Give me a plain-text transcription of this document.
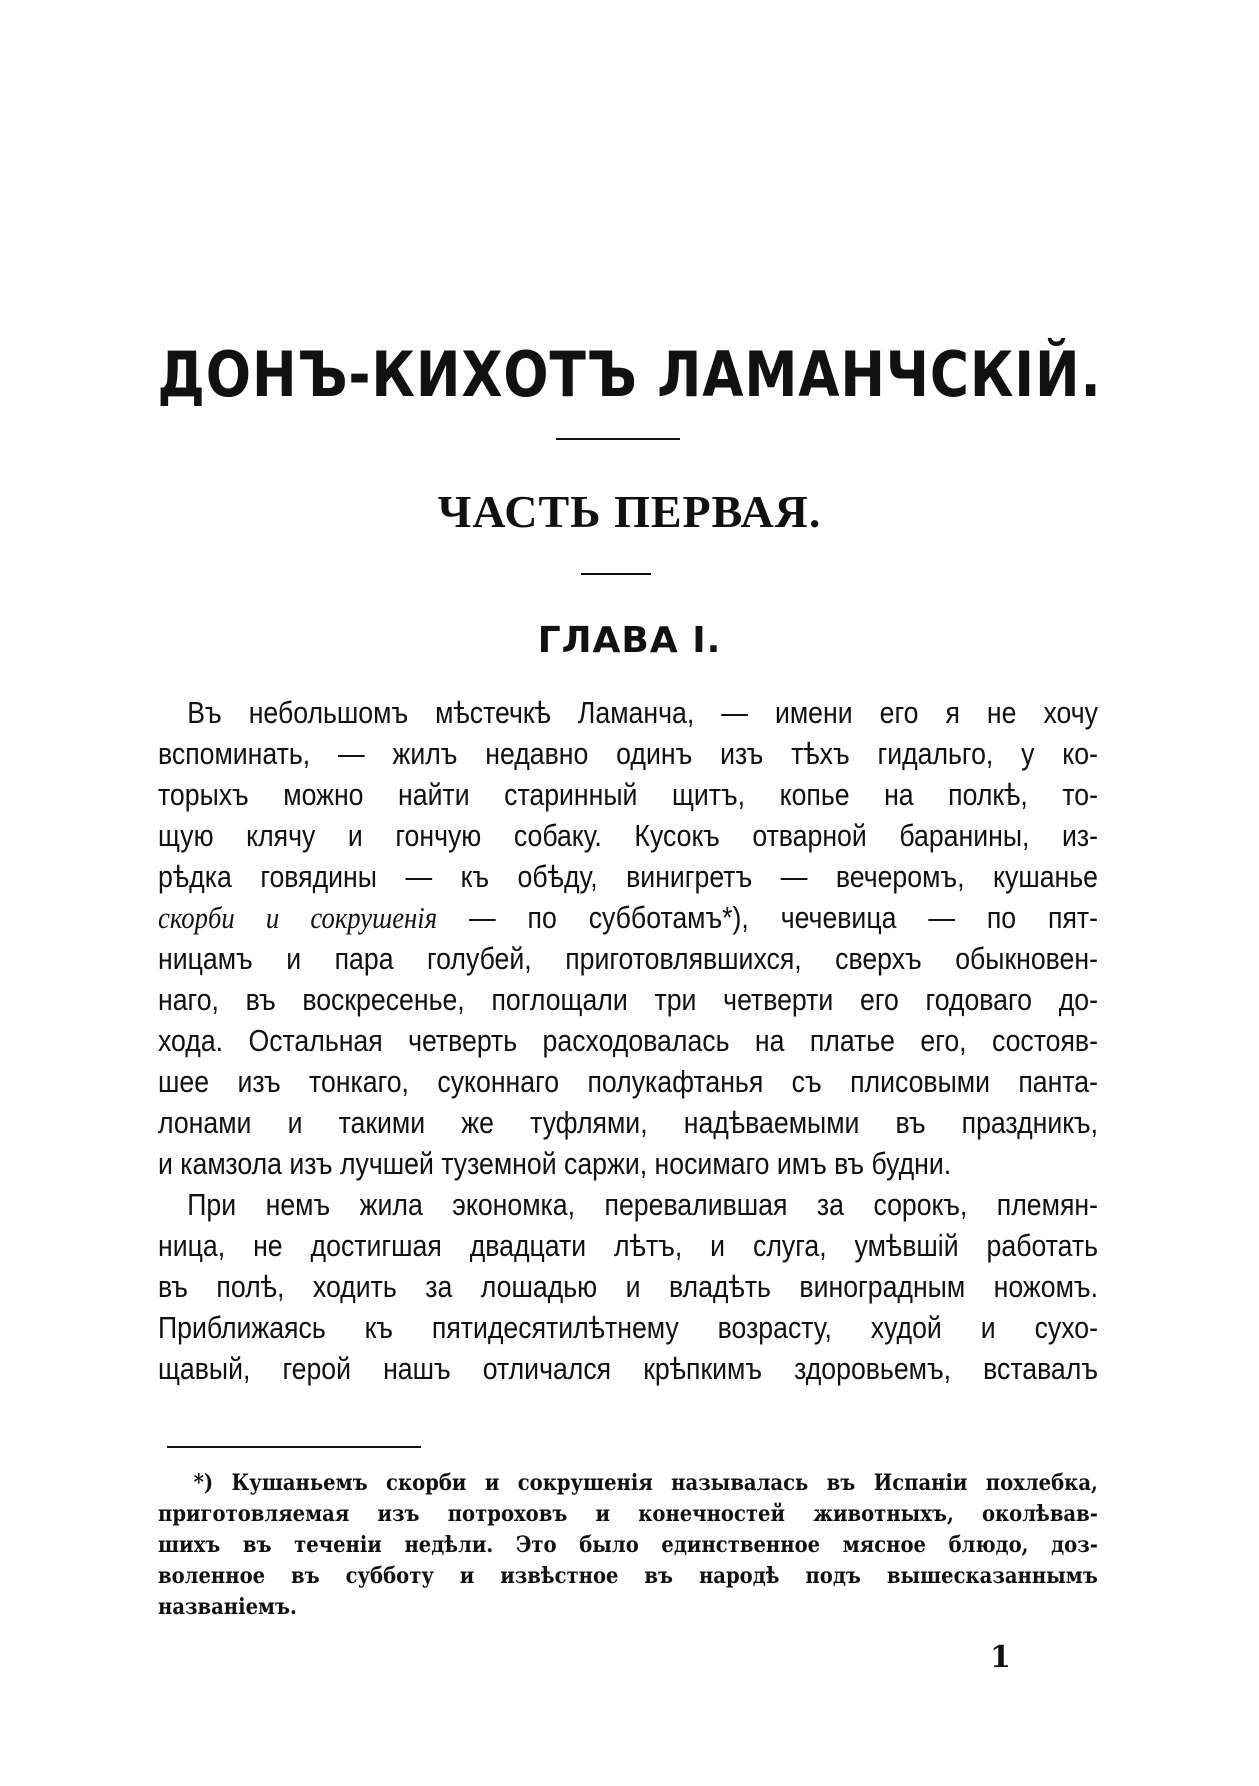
ДОНЪ-КИХОТЪ ЛАМАНЧСКІЙ.
ЧАСТЬ ПЕРВАЯ.
ГЛАВА I.
Въ небольшомъ мѣстечкѣ Ламанча, — имени его я не хочу
вспоминать, — жилъ недавно одинъ изъ тѣхъ гидальго, у ко-
торыхъ можно найти старинный щитъ, копье на полкѣ, то-
щую клячу и гончую собаку. Кусокъ отварной баранины, из-
рѣдка говядины — къ обѣду, винигретъ — вечеромъ, кушанье
скорби и сокрушенія — по субботамъ*), чечевица — по пят-
ницамъ и пара голубей, приготовлявшихся, сверхъ обыкновен-
наго, въ воскресенье, поглощали три четверти его годоваго до-
хода. Остальная четверть расходовалась на платье его, состояв-
шее изъ тонкаго, суконнаго полукафтанья съ плисовыми панта-
лонами и такими же туфлями, надѣваемыми въ праздникъ,
и камзола изъ лучшей туземной саржи, носимаго имъ въ будни.
При немъ жила экономка, перевалившая за сорокъ, племян-
ница, не достигшая двадцати лѣтъ, и слуга, умѣвшій работать
въ полѣ, ходить за лошадью и владѣть виноградным ножомъ.
Приближаясь къ пятидесятилѣтнему возрасту, худой и сухо-
щавый, герой нашъ отличался крѣпкимъ здоровьемъ, вставалъ
*) Кушаньемъ скорби и сокрушенія называлась въ Испаніи похлебка,
приготовляемая изъ потроховъ и конечностей животныхъ, околѣвав-
шихъ въ теченіи недѣли. Это было единственное мясное блюдо, доз-
воленное въ субботу и извѣстное въ народѣ подъ вышесказаннымъ
названіемъ.
1
